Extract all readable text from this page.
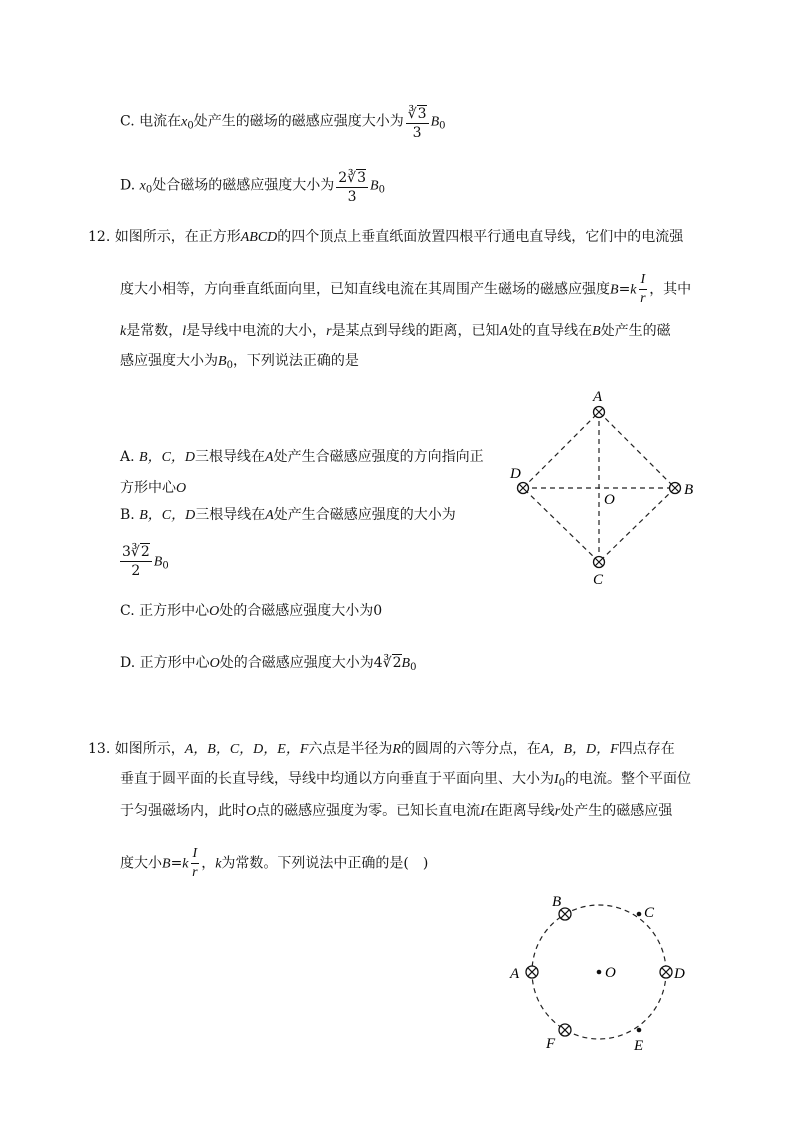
C. 电流在$x_0$处产生的磁场的磁感应强度大小为 $\frac{∛3}{3} B_0$
D. $x_0$处合磁场的磁感应强度大小为 $\frac{2∛3}{3} B_0$
12. 如图所示，在正方形ABCD的四个顶点上垂直纸面放置四根平行通电直导线，它们中的电流强
度大小相等，方向垂直纸面向里，已知直线电流在其周围产生磁场的磁感应强度$B=k \frac{I}{r}$ ，其中
k是常数，l是导线中电流的大小，r是某点到导线的距离，已知A处的直导线在B处产生的磁
感应强度大小为$B_0$，下列说法正确的是
A. B，C，D三根导线在A处产生合磁感应强度的方向指向正
方形中心O
B. B，C，D三根导线在A处产生合磁感应强度的大小为
$\frac{3∛2}{2} B_0$
C. 正方形中心O处的合磁感应强度大小为0
D. 正方形中心O处的合磁感应强度大小为$4∛2B_0$
A
B
C
D
O
13. 如图所示，A，B，C，D，E，F六点是半径为R的圆周的六等分点，在A，B，D，F四点存在
垂直于圆平面的长直导线，导线中均通以方向垂直于平面向里、大小为$I_0$的电流。整个平面位
于匀强磁场内，此时O点的磁感应强度为零。已知长直电流I在距离导线r处产生的磁感应强
度大小$B=k \frac{I}{r}$ ，k为常数。下列说法中正确的是(　)
A
B
C
D
E
F
O
